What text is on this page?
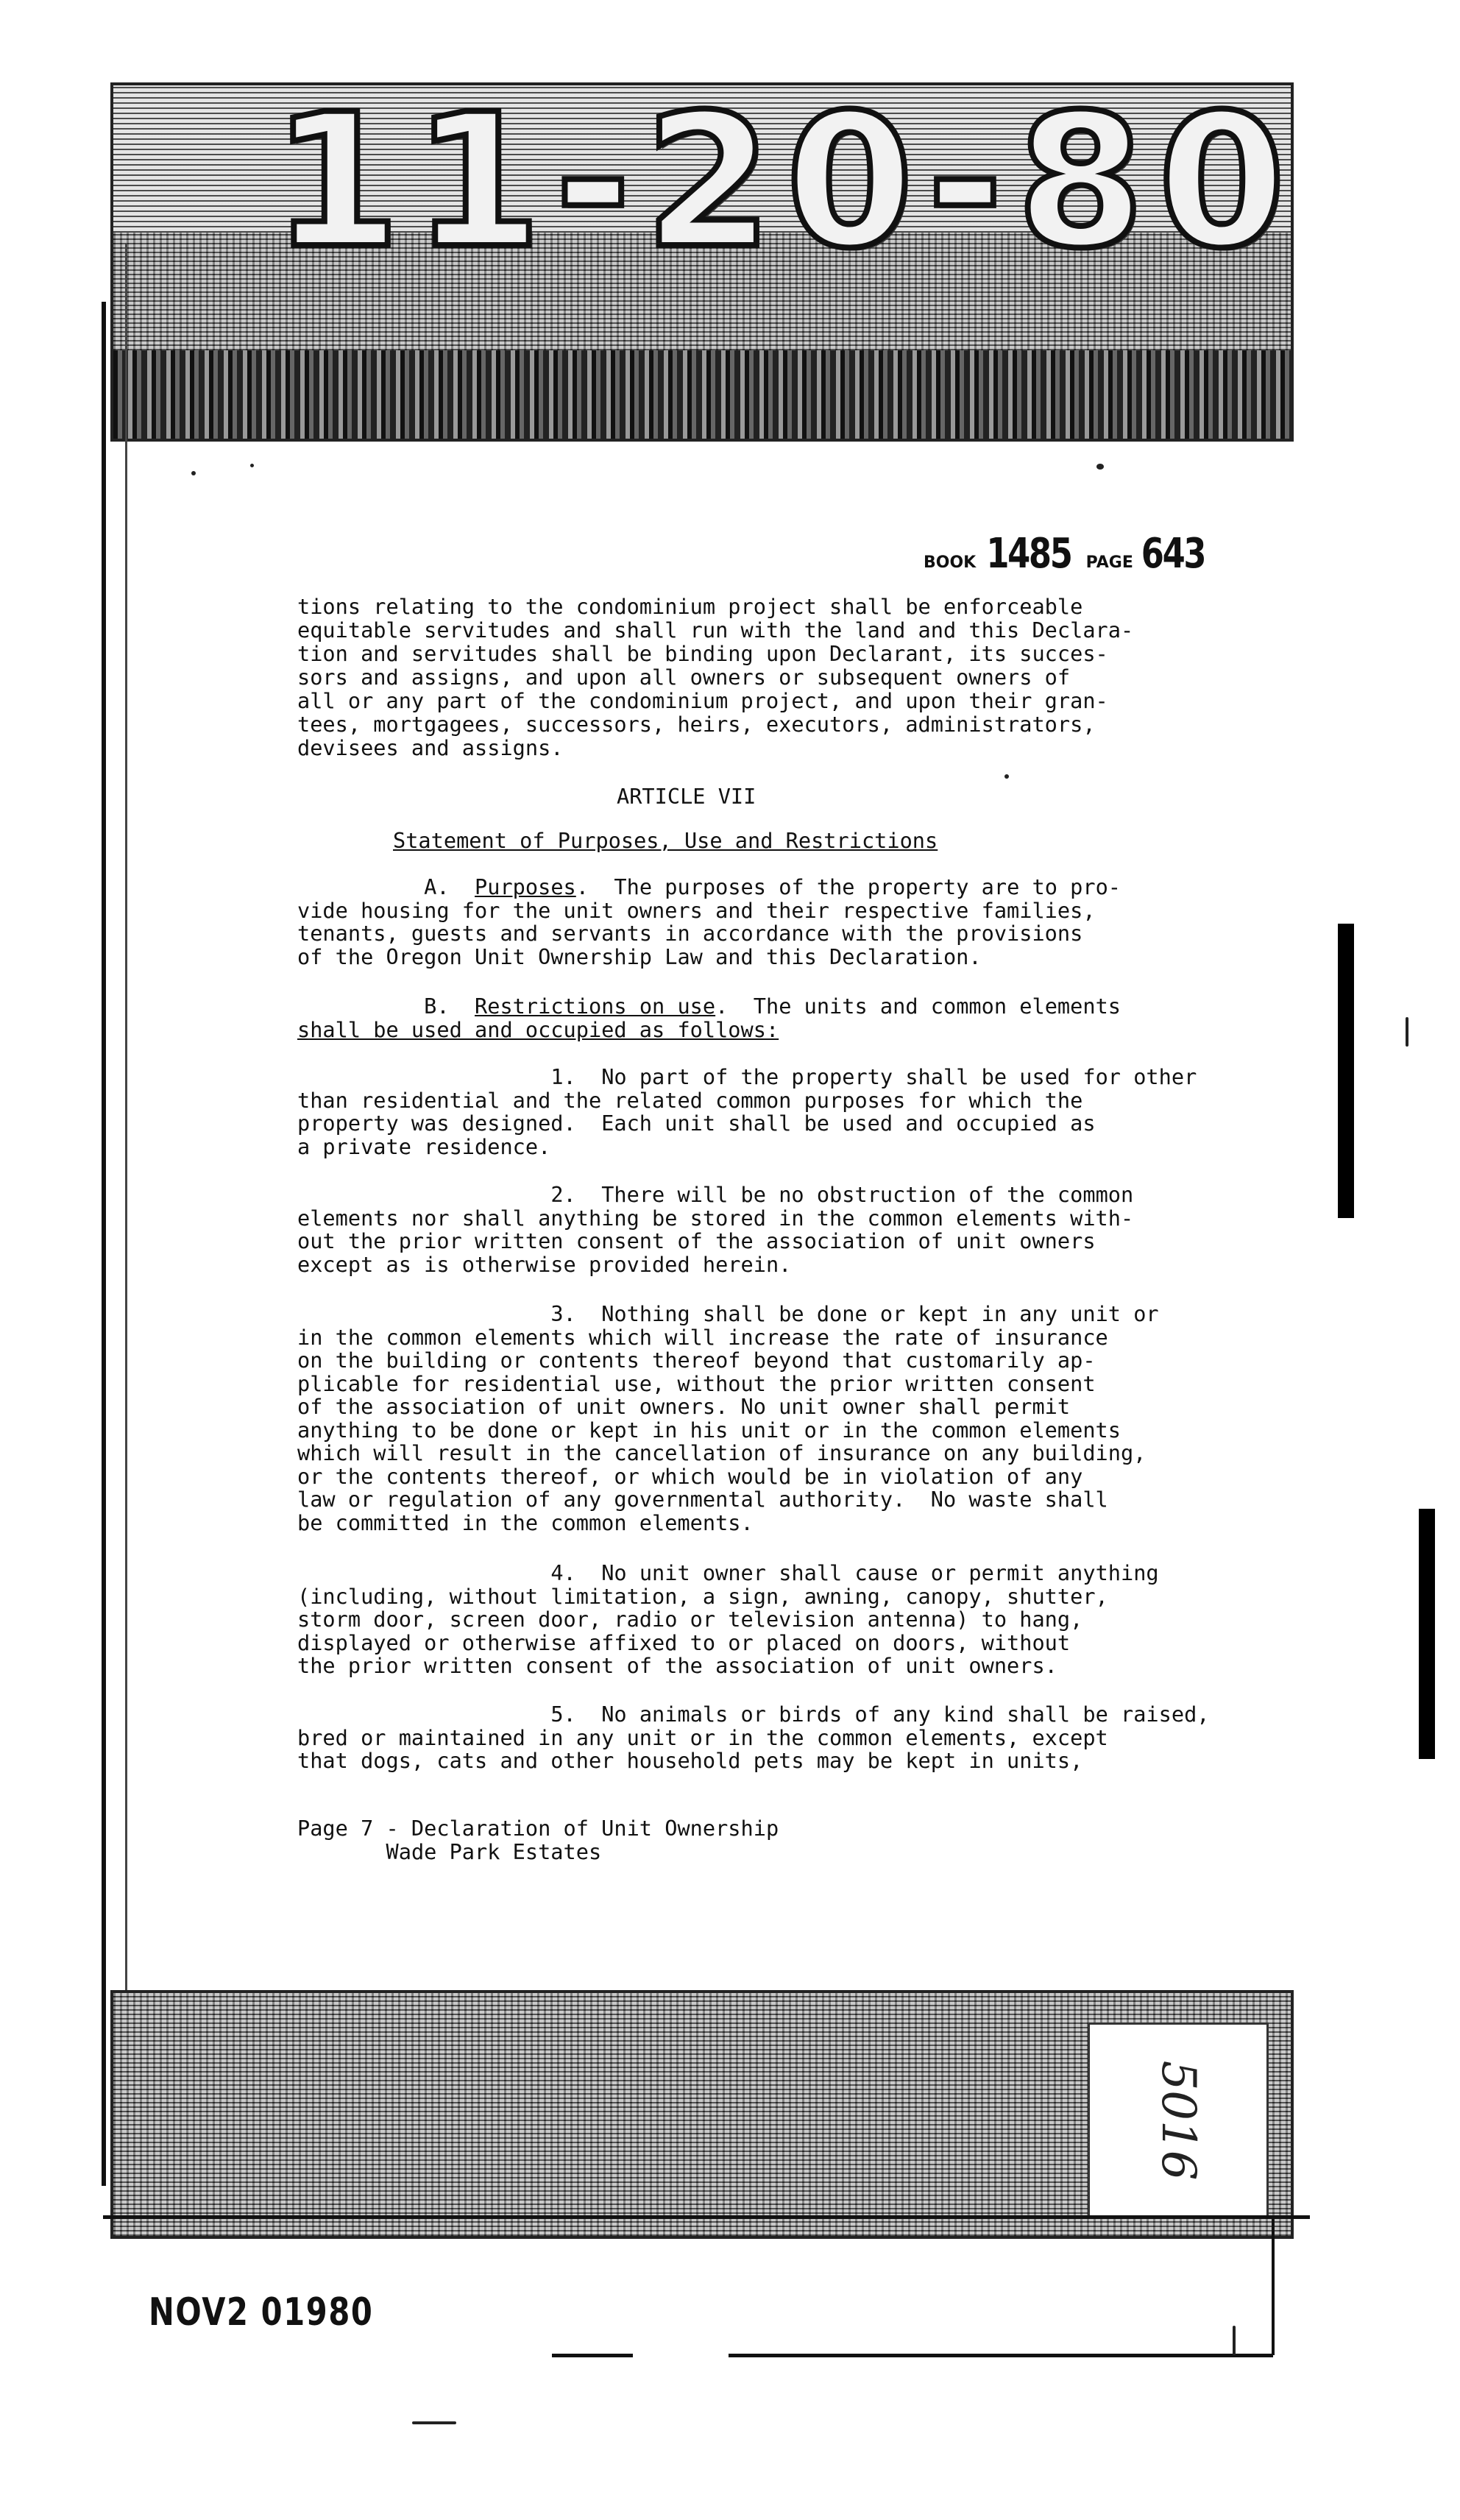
11-20-80
BOOK 1485 PAGE 643
tions relating to the condominium project shall be enforceable
equitable servitudes and shall run with the land and this Declara-
tion and servitudes shall be binding upon Declarant, its succes-
sors and assigns, and upon all owners or subsequent owners of
all or any part of the condominium project, and upon their gran-
tees, mortgagees, successors, heirs, executors, administrators,
devisees and assigns.
ARTICLE VII
Statement of Purposes, Use and Restrictions
A. Purposes.  The purposes of the property are to pro-
vide housing for the unit owners and their respective families,
tenants, guests and servants in accordance with the provisions
of the Oregon Unit Ownership Law and this Declaration.
B. Restrictions on use.  The units and common elements
shall be used and occupied as follows:
1. No part of the property shall be used for other
than residential and the related common purposes for which the
property was designed.  Each unit shall be used and occupied as
a private residence.
2. There will be no obstruction of the common
elements nor shall anything be stored in the common elements with-
out the prior written consent of the association of unit owners
except as is otherwise provided herein.
3. Nothing shall be done or kept in any unit or
in the common elements which will increase the rate of insurance
on the building or contents thereof beyond that customarily ap-
plicable for residential use, without the prior written consent
of the association of unit owners. No unit owner shall permit
anything to be done or kept in his unit or in the common elements
which will result in the cancellation of insurance on any building,
or the contents thereof, or which would be in violation of any
law or regulation of any governmental authority.  No waste shall
be committed in the common elements.
4. No unit owner shall cause or permit anything
(including, without limitation, a sign, awning, canopy, shutter,
storm door, screen door, radio or television antenna) to hang,
displayed or otherwise affixed to or placed on doors, without
the prior written consent of the association of unit owners.
5. No animals or birds of any kind shall be raised,
bred or maintained in any unit or in the common elements, except
that dogs, cats and other household pets may be kept in units,
Page 7 - Declaration of Unit Ownership
Wade Park Estates
5016
NOV2 01980
